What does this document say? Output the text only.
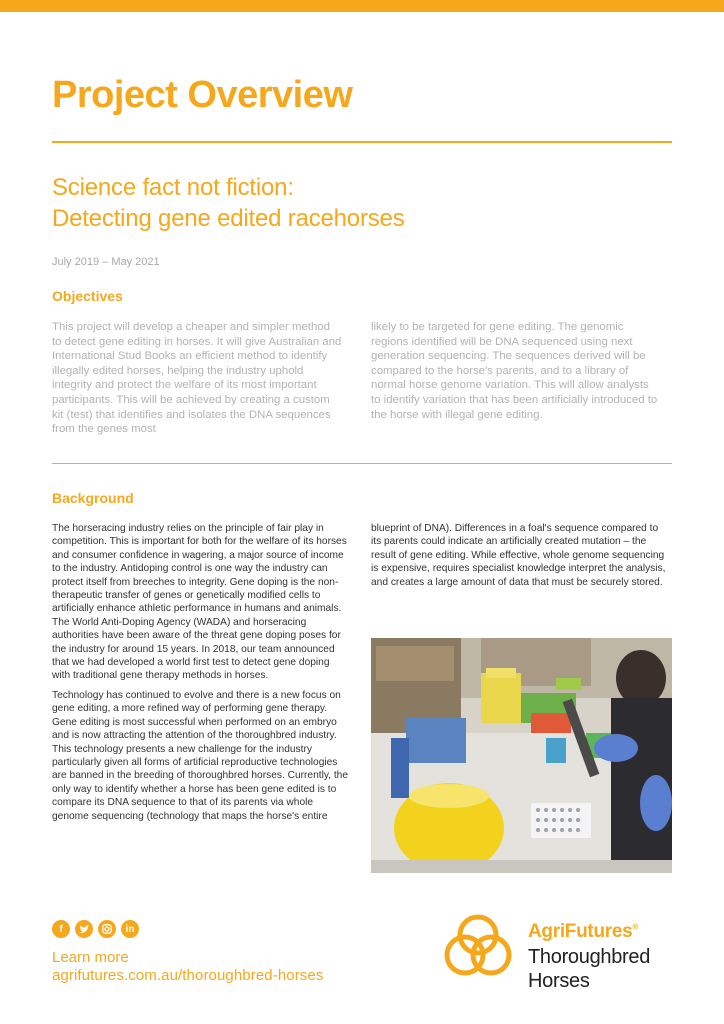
Project Overview
Science fact not fiction:
Detecting gene edited racehorses
July 2019 – May 2021
Objectives
This project will develop a cheaper and simpler method to detect gene editing in horses. It will give Australian and International Stud Books an efficient method to identify illegally edited horses, helping the industry uphold integrity and protect the welfare of its most important participants. This will be achieved by creating a custom kit (test) that identifies and isolates the DNA sequences from the genes most
likely to be targeted for gene editing. The genomic regions identified will be DNA sequenced using next generation sequencing. The sequences derived will be compared to the horse's parents, and to a library of normal horse genome variation. This will allow analysts to identify variation that has been artificially introduced to the horse with illegal gene editing.
Background

The horseracing industry relies on the principle of fair play in competition. This is important for both for the welfare of its horses and consumer confidence in wagering, a major source of income to the industry. Antidoping control is one way the industry can protect itself from breeches to integrity. Gene doping is the non-therapeutic transfer of genes or genetically modified cells to artificially enhance athletic performance in humans and animals. The World Anti-Doping Agency (WADA) and horseracing authorities have been aware of the threat gene doping poses for the industry for around 15 years. In 2018, our team announced that we had developed a world first test to detect gene doping with traditional gene therapy methods in horses.

Technology has continued to evolve and there is a new focus on gene editing, a more refined way of performing gene therapy. Gene editing is most successful when performed on an embryo and is now attracting the attention of the thoroughbred industry. This technology presents a new challenge for the industry particularly given all forms of artificial reproductive technologies are banned in the breeding of thoroughbred horses. Currently, the only way to identify whether a horse has been gene edited is to compare its DNA sequence to that of its parents via whole genome sequencing (technology that maps the horse's entire

blueprint of DNA). Differences in a foal's sequence compared to its parents could indicate an artificially created mutation – the result of gene editing. While effective, whole genome sequencing is expensive, requires specialist knowledge interpret the analysis, and creates a large amount of data that must be securely stored.

f	in
Learn more
agrifutures.com.au/thoroughbred-horses
AgriFutures®
Thoroughbred
Horses
